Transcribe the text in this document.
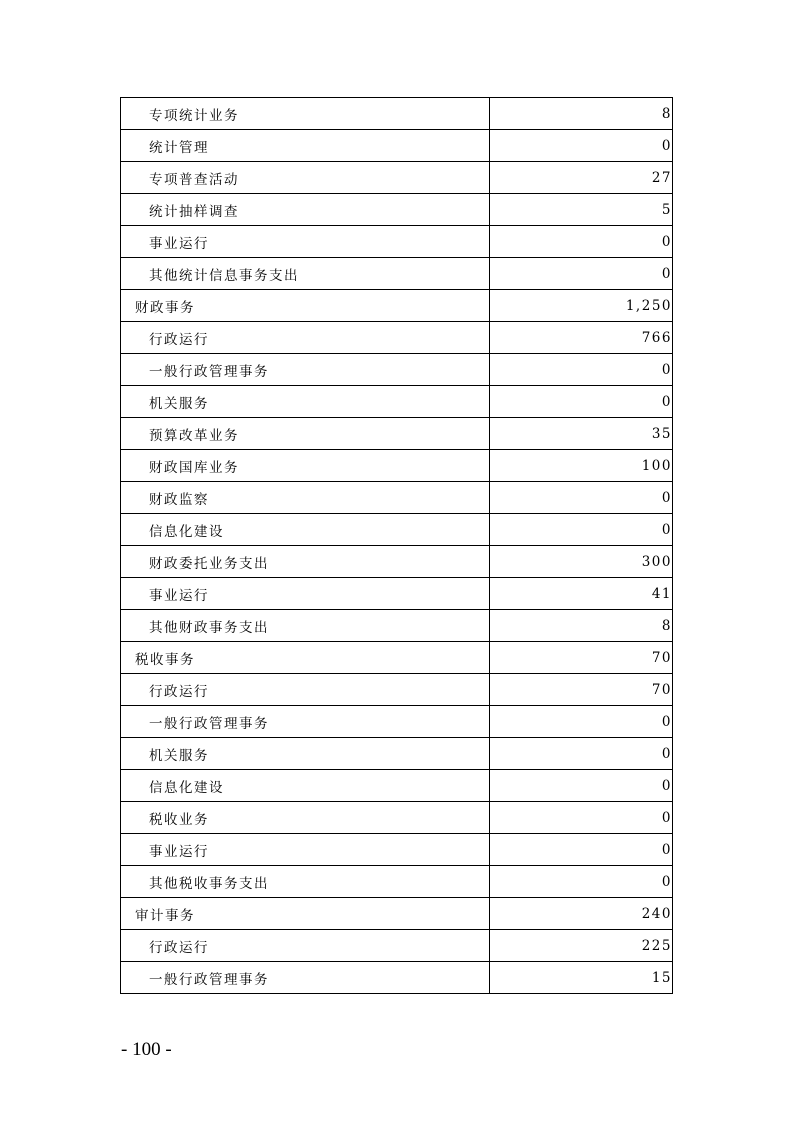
专项统计业务	8
统计管理	0
专项普查活动	27
统计抽样调查	5
事业运行	0
其他统计信息事务支出	0
财政事务	1,250
行政运行	766
一般行政管理事务	0
机关服务	0
预算改革业务	35
财政国库业务	100
财政监察	0
信息化建设	0
财政委托业务支出	300
事业运行	41
其他财政事务支出	8
税收事务	70
行政运行	70
一般行政管理事务	0
机关服务	0
信息化建设	0
税收业务	0
事业运行	0
其他税收事务支出	0
审计事务	240
行政运行	225
一般行政管理事务	15
- 100 -
